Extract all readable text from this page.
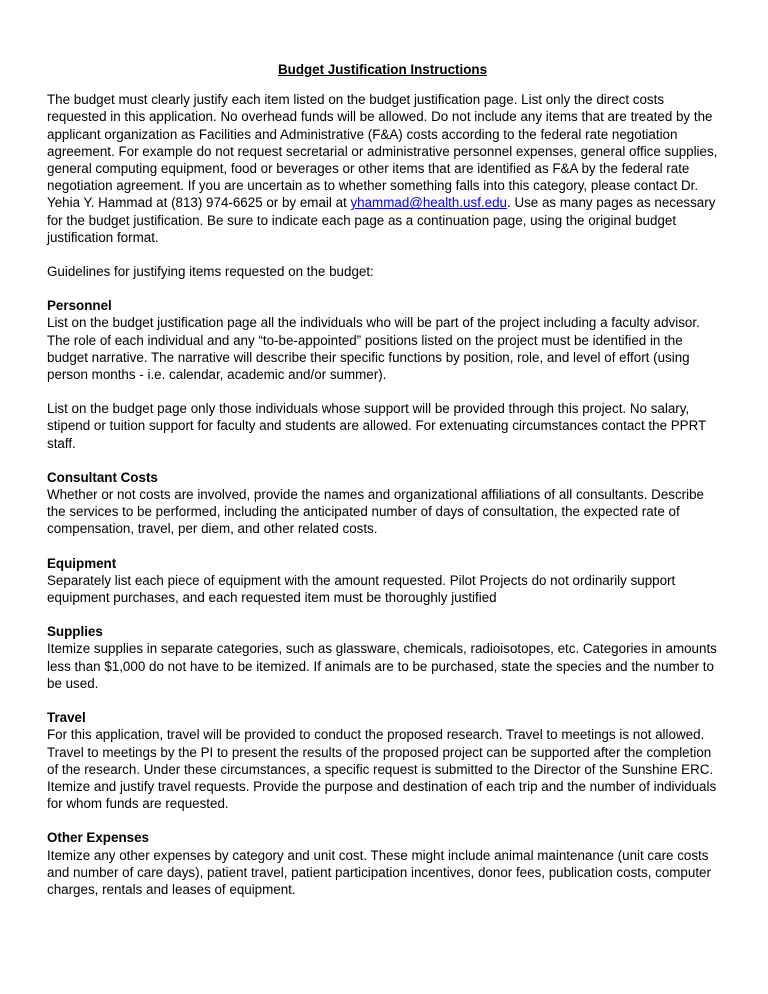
Budget Justification Instructions

The budget must clearly justify each item listed on the budget justification page. List only the direct costs requested in this application. No overhead funds will be allowed. Do not include any items that are treated by the applicant organization as Facilities and Administrative (F&A) costs according to the federal rate negotiation agreement. For example do not request secretarial or administrative personnel expenses, general office supplies, general computing equipment, food or beverages or other items that are identified as F&A by the federal rate negotiation agreement. If you are uncertain as to whether something falls into this category, please contact Dr. Yehia Y. Hammad at (813) 974-6625 or by email at yhammad@health.usf.edu. Use as many pages as necessary for the budget justification. Be sure to indicate each page as a continuation page, using the original budget justification format.

Guidelines for justifying items requested on the budget:

Personnel

List on the budget justification page all the individuals who will be part of the project including a faculty advisor. The role of each individual and any “to-be-appointed” positions listed on the project must be identified in the budget narrative. The narrative will describe their specific functions by position, role, and level of effort (using person months - i.e. calendar, academic and/or summer).

List on the budget page only those individuals whose support will be provided through this project. No salary, stipend or tuition support for faculty and students are allowed. For extenuating circumstances contact the PPRT staff.

Consultant Costs

Whether or not costs are involved, provide the names and organizational affiliations of all consultants. Describe the services to be performed, including the anticipated number of days of consultation, the expected rate of compensation, travel, per diem, and other related costs.

Equipment

Separately list each piece of equipment with the amount requested. Pilot Projects do not ordinarily support equipment purchases, and each requested item must be thoroughly justified

Supplies

Itemize supplies in separate categories, such as glassware, chemicals, radioisotopes, etc. Categories in amounts less than $1,000 do not have to be itemized. If animals are to be purchased, state the species and the number to be used.

Travel

For this application, travel will be provided to conduct the proposed research. Travel to meetings is not allowed. Travel to meetings by the PI to present the results of the proposed project can be supported after the completion of the research. Under these circumstances, a specific request is submitted to the Director of the Sunshine ERC. Itemize and justify travel requests. Provide the purpose and destination of each trip and the number of individuals for whom funds are requested.

Other Expenses

Itemize any other expenses by category and unit cost. These might include animal maintenance (unit care costs and number of care days), patient travel, patient participation incentives, donor fees, publication costs, computer charges, rentals and leases of equipment.
